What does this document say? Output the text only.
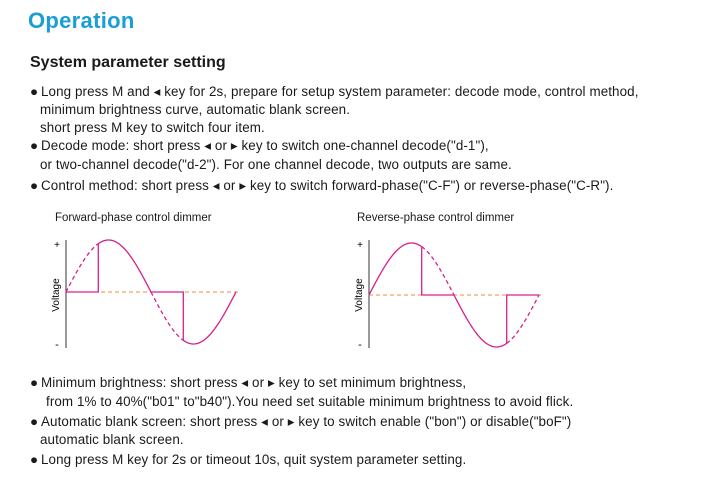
Operation
System parameter setting
● Long press M and ◂ key for 2s, prepare for setup system parameter: decode mode, control method,
minimum brightness curve, automatic blank screen.
short press M key to switch four item.
● Decode mode: short press ◂ or ▸ key to switch one-channel decode("d-1"),
or two-channel decode("d-2"). For one channel decode, two outputs are same.
● Control method: short press ◂ or ▸ key to switch forward-phase("C-F") or reverse-phase("C-R").
Forward-phase control dimmer
+
-
Voltage
Reverse-phase control dimmer
+
-
Voltage
● Minimum brightness: short press ◂ or ▸ key to set minimum brightness,
from 1% to 40%("b01" to"b40").You need set suitable minimum brightness to avoid flick.
● Automatic blank screen: short press ◂ or ▸ key to switch enable ("bon") or disable("boF")
automatic blank screen.
● Long press M key for 2s or timeout 10s, quit system parameter setting.
